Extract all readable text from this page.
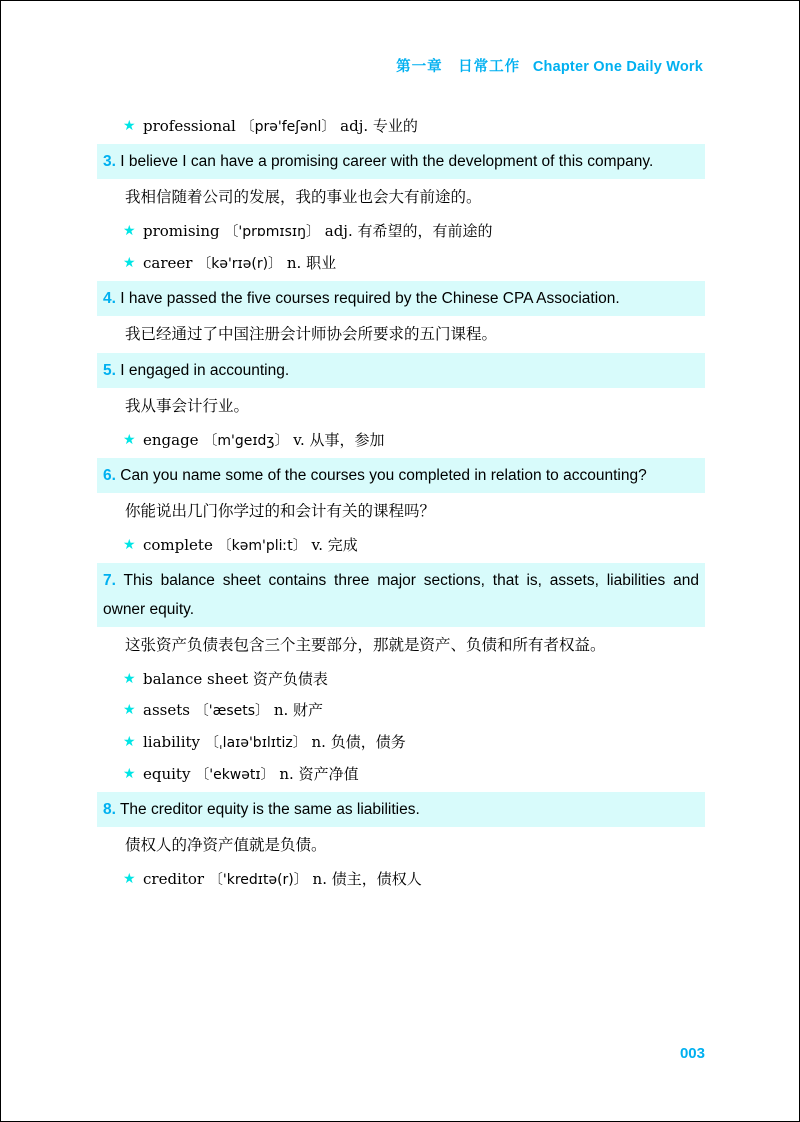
第一章　日常工作 Chapter One Daily Work
★ professional 〔prə'feʃənl〕 adj. 专业的
3. I believe I can have a promising career with the development of this company.
我相信随着公司的发展，我的事业也会大有前途的。
★ promising 〔'prɒmɪsɪŋ〕 adj. 有希望的，有前途的
★ career 〔kə'rɪə(r)〕 n. 职业
4. I have passed the five courses required by the Chinese CPA Association.
我已经通过了中国注册会计师协会所要求的五门课程。
5. I engaged in accounting.
我从事会计行业。
★ engage 〔m'geɪdʒ〕 v. 从事，参加
6. Can you name some of the courses you completed in relation to accounting?
你能说出几门你学过的和会计有关的课程吗？
★ complete 〔kəm'pliːt〕 v. 完成
7. This balance sheet contains three major sections, that is, assets, liabilities and owner equity.
这张资产负债表包含三个主要部分，那就是资产、负债和所有者权益。
★ balance sheet 资产负债表
★ assets 〔'æsets〕 n. 财产
★ liability 〔ˌlaɪə'bɪlɪtiz〕 n. 负债，债务
★ equity 〔'ekwətɪ〕 n. 资产净值
8. The creditor equity is the same as liabilities.
债权人的净资产值就是负债。
★ creditor 〔'kredɪtə(r)〕 n. 债主，债权人
003
